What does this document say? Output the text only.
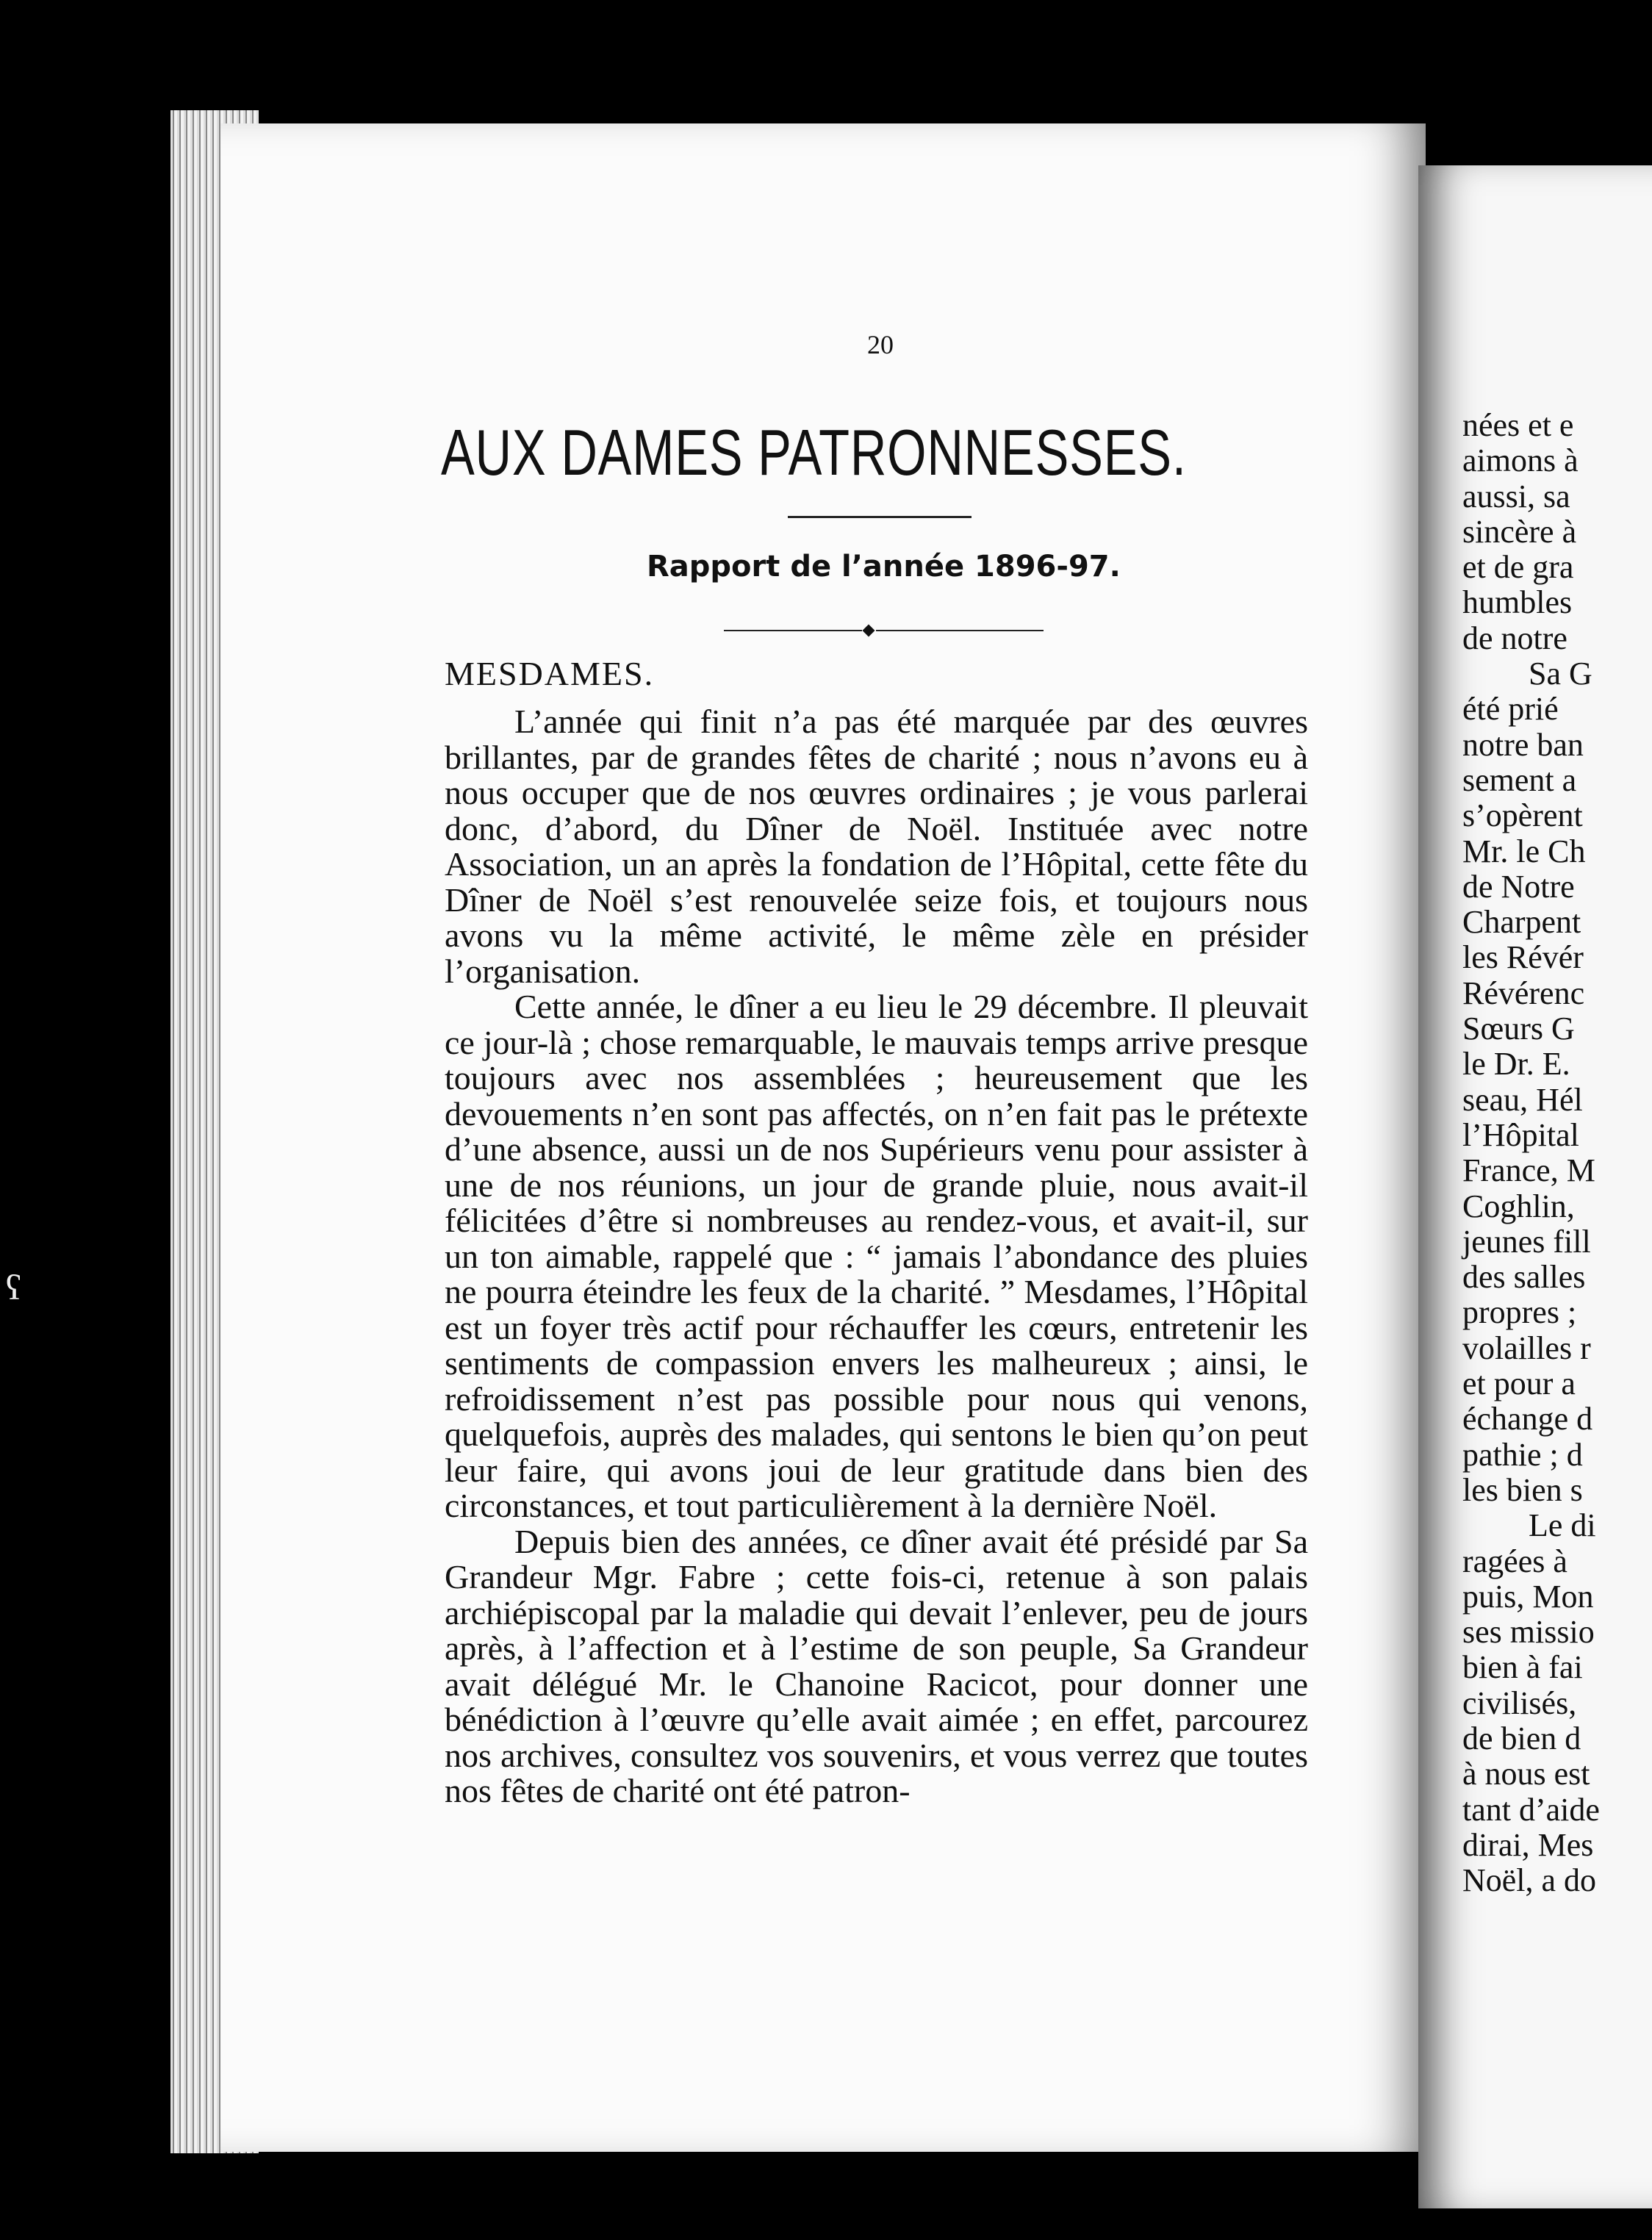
20
AUX DAMES PATRONNESSES.
Rapport de l’année 1896-97.
MESDAMES.

L’année qui finit n’a pas été marquée par des œuvres brillantes, par de grandes fêtes de charité ; nous n’avons eu à nous occuper que de nos œuvres ordinaires ; je vous parlerai donc, d’abord, du Dîner de Noël. Instituée avec notre Association, un an après la fondation de l’Hôpital, cette fête du Dîner de Noël s’est renouvelée seize fois, et toujours nous avons vu la même activité, le même zèle en présider l’organisation.

Cette année, le dîner a eu lieu le 29 décembre. Il pleuvait ce jour-là ; chose remarquable, le mauvais temps arrive presque toujours avec nos assemblées ; heureusement que les devouements n’en sont pas affectés, on n’en fait pas le prétexte d’une absence, aussi un de nos Supérieurs venu pour assister à une de nos réunions, un jour de grande pluie, nous avait-il félicitées d’être si nombreuses au rendez-vous, et avait-il, sur un ton aimable, rappelé que : “ jamais l’abondance des pluies ne pourra éteindre les feux de la charité. ” Mesdames, l’Hôpital est un foyer très actif pour réchauffer les cœurs, entretenir les sentiments de compassion envers les malheureux ; ainsi, le refroidissement n’est pas possible pour nous qui venons, quelquefois, auprès des malades, qui sentons le bien qu’on peut leur faire, qui avons joui de leur gratitude dans bien des circonstances, et tout particulièrement à la dernière Noël.

Depuis bien des années, ce dîner avait été présidé par Sa Grandeur Mgr. Fabre ; cette fois-ci, retenue à son palais archiépiscopal par la maladie qui devait l’enlever, peu de jours après, à l’affection et à l’estime de son peuple, Sa Grandeur avait délégué Mr. le Chanoine Racicot, pour donner une bénédiction à l’œuvre qu’elle avait aimée ; en effet, parcourez nos archives, consultez vos souvenirs, et vous verrez que toutes nos fêtes de charité ont été patron-

nées et e
aimons à
aussi, sa
sincère à
et de gra
humbles
de notre
Sa G
été prié
notre ban
sement a
s’opèrent
Mr. le Ch
de Notre
Charpent
les Révér
Révérenc
Sœurs G
le Dr. E.
seau, Hél
l’Hôpital
France, M
Coghlin,
jeunes fill
des salles
propres ;
volailles r
et pour a
échange d
pathie ; d
les bien s
Le di
ragées à
puis, Mon
ses missio
bien à fai
civilisés,
de bien d
à nous est
tant d’aide
dirai, Mes
Noël, a do
ʕ
